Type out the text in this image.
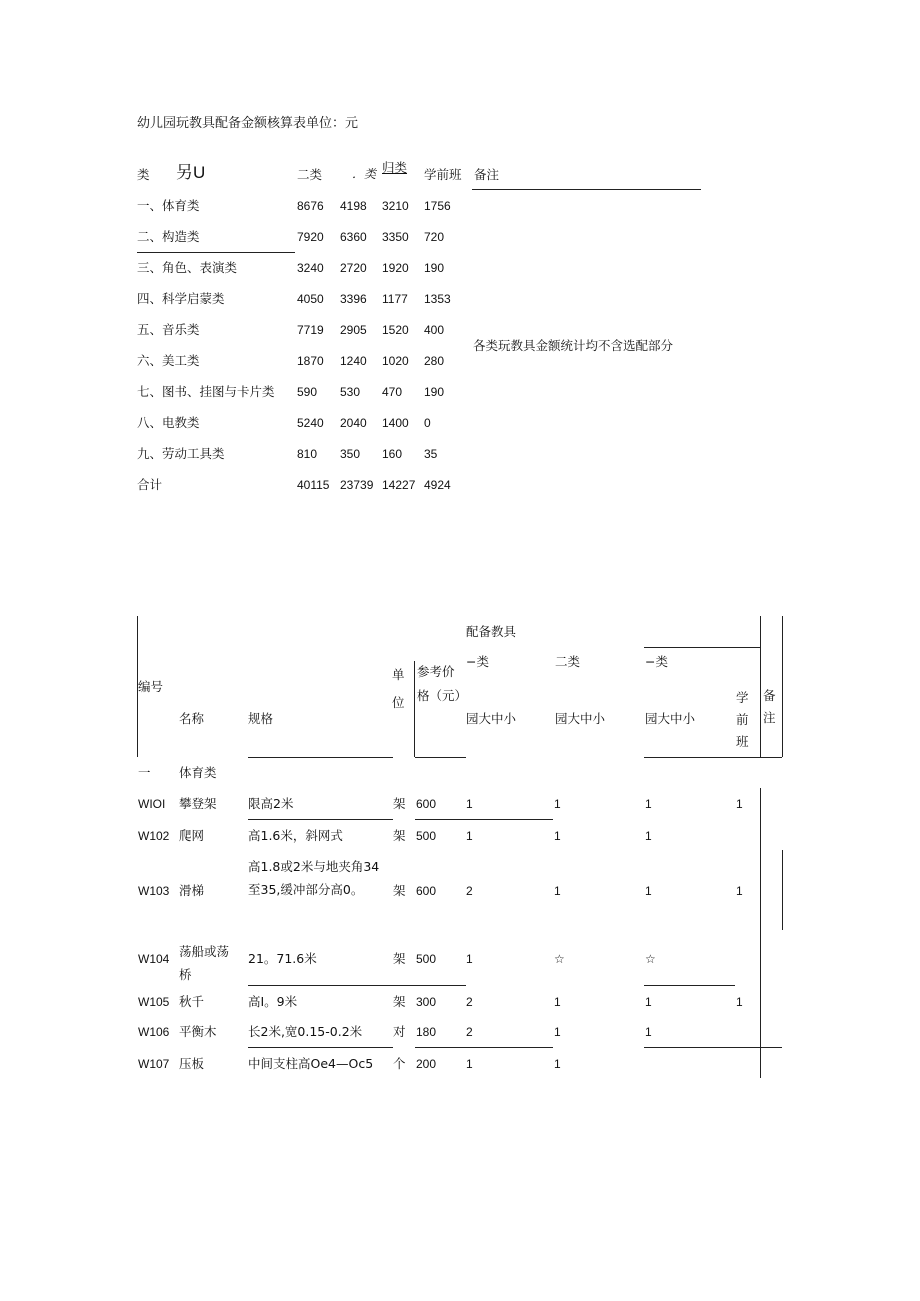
幼儿园玩教具配备金额核算表单位：元
类 另U	二类 ．类 归类 学前班 备注
一、体育类	8676 4198 3210 1756
二、构造类	7920 6360 3350 720
三、角色、表演类	3240 2720 1920 190
四、科学启蒙类	4050 3396 1177 1353
五、音乐类	7719 2905 1520 400
六、美工类	1870 1240 1020 280
七、图书、挂图与卡片类 590 530 470 190
八、电教类	5240 2040 1400 0
九、劳动工具类	810 350 160 35
合计	40115 23739 14227 4924
各类玩教具金额统计均不含选配部分
配备教具
编号
名称	规格
单位
参考价格（元）
−类	二类	−类
园大中小	园大中小	园大中小
学前班
备注
一 体育类
WIOI 攀登架	限高2米	架 600 1	1	1	1
W102 爬网	高1.6米，斜网式	架 500 1	1	1
W103 滑梯
高1.8或2米与地夹角34至35,缓冲部分高0。	架 600 2	1	1	1
W104 荡船或荡桥
21。71.6米	架 500 1	☆	☆
W105 秋千	高I。9米	架 300 2	1	1	1
W106 平衡木	长2米,宽0.15-0.2米 对 180 2	1	1
W107 压板	中间支柱高Oe4—Oc5 个 200 1	1
